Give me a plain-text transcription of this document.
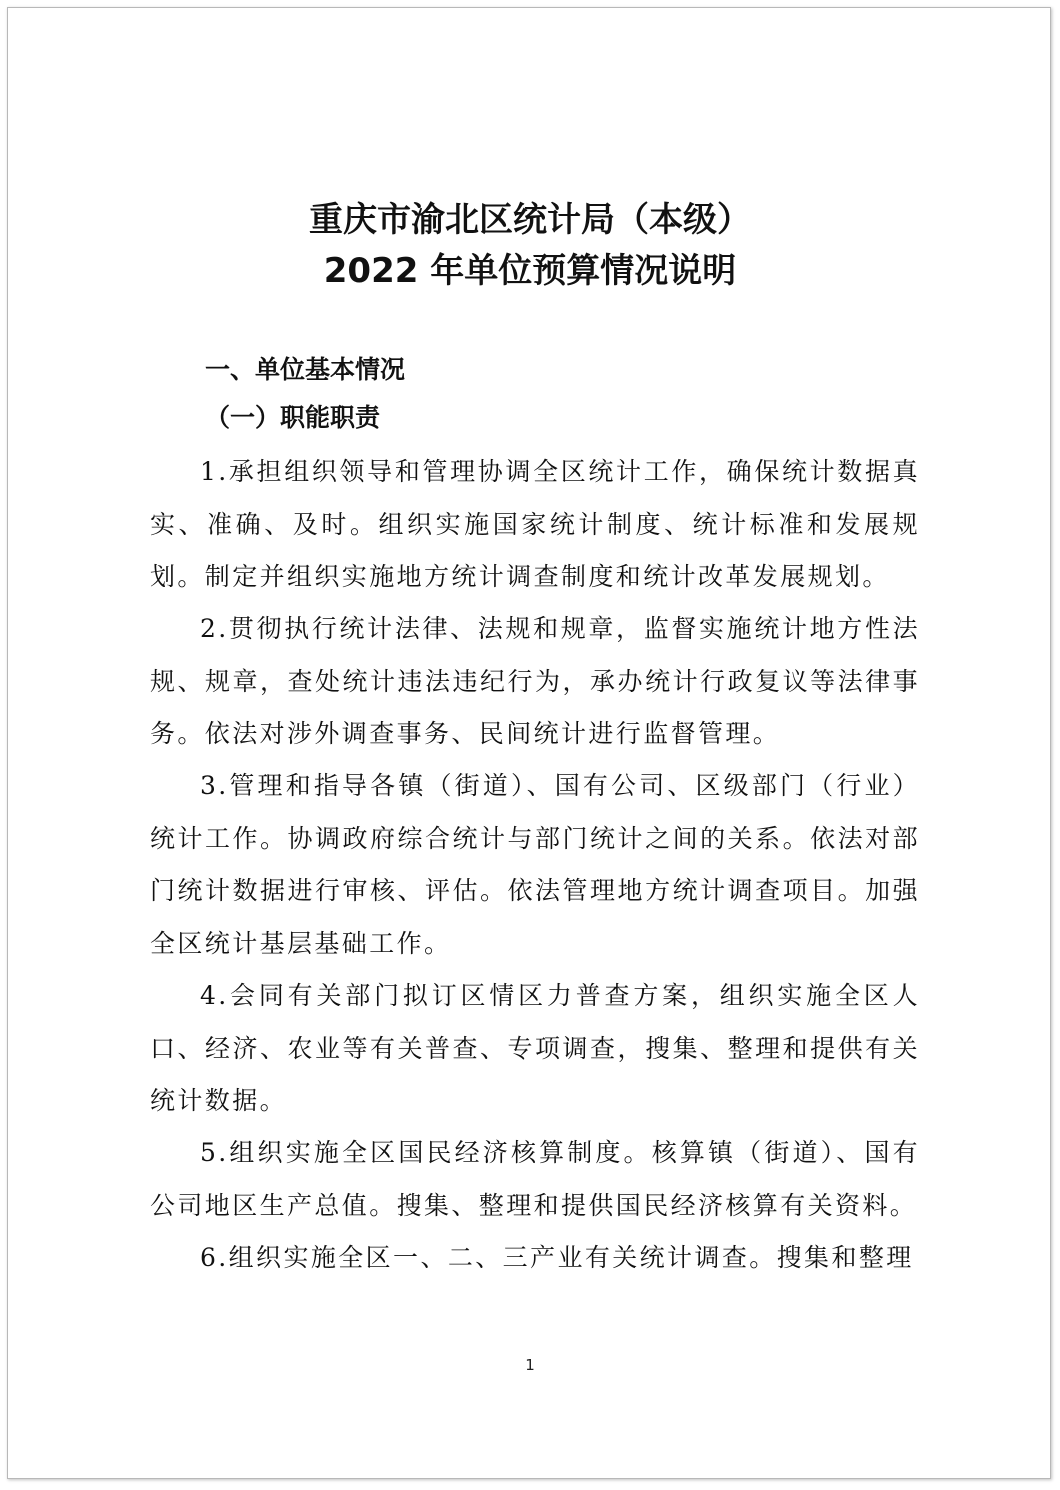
重庆市渝北区统计局（本级）
2022 年单位预算情况说明
一、单位基本情况
（一）职能职责

1.承担组织领导和管理协调全区统计工作，确保统计数据真实、准确、及时。组织实施国家统计制度、统计标准和发展规划。制定并组织实施地方统计调查制度和统计改革发展规划。

2.贯彻执行统计法律、法规和规章，监督实施统计地方性法规、规章，查处统计违法违纪行为，承办统计行政复议等法律事务。依法对涉外调查事务、民间统计进行监督管理。

3.管理和指导各镇（街道）、国有公司、区级部门（行业）统计工作。协调政府综合统计与部门统计之间的关系。依法对部门统计数据进行审核、评估。依法管理地方统计调查项目。加强全区统计基层基础工作。

4.会同有关部门拟订区情区力普查方案，组织实施全区人口、经济、农业等有关普查、专项调查，搜集、整理和提供有关统计数据。

5.组织实施全区国民经济核算制度。核算镇（街道）、国有公司地区生产总值。搜集、整理和提供国民经济核算有关资料。

6.组织实施全区一、二、三产业有关统计调查。搜集和整理

1
